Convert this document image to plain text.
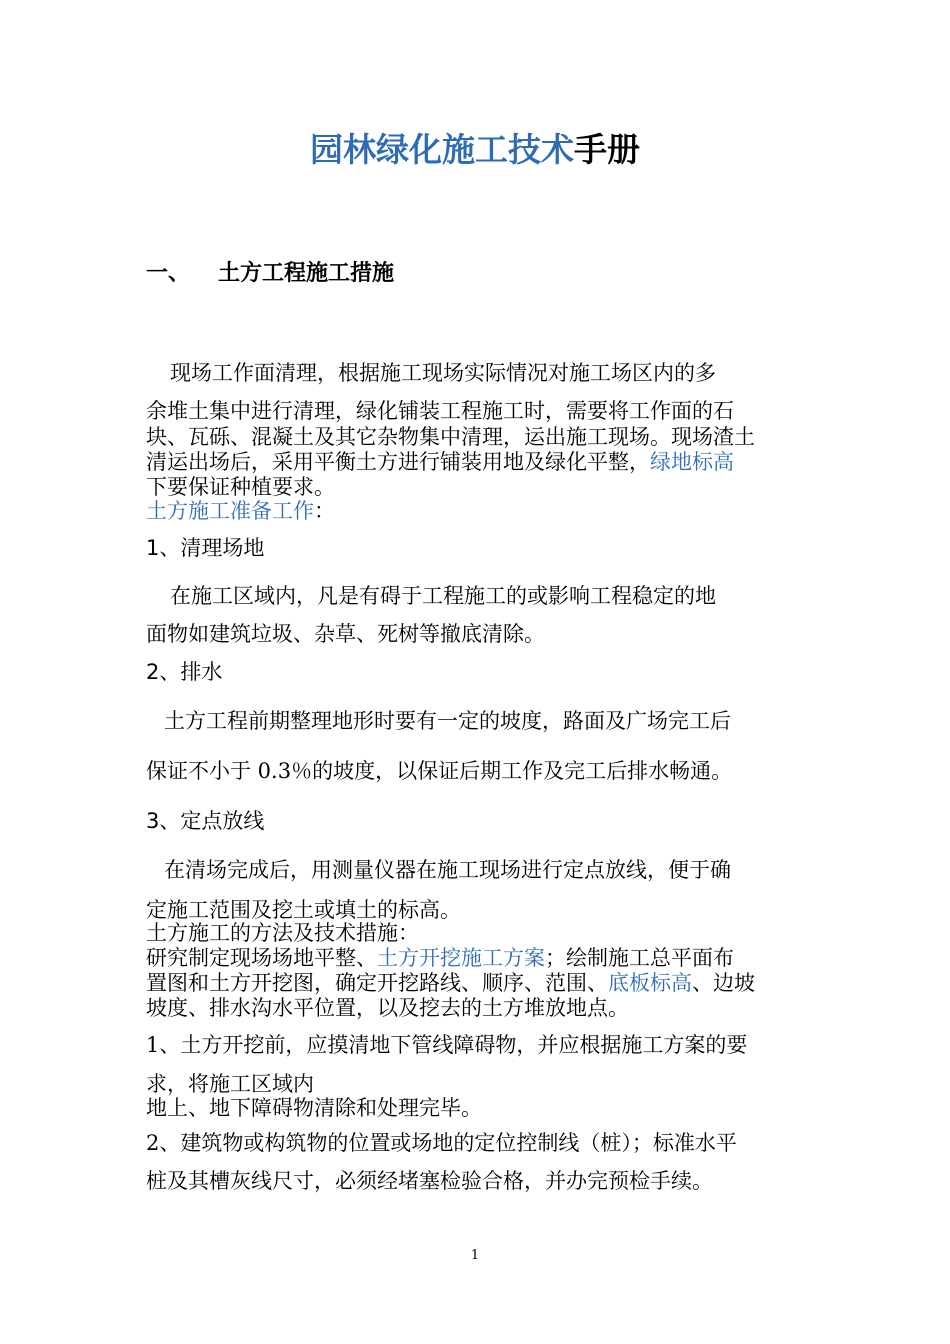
园林绿化施工技术手册
一、 土方工程施工措施
现场工作面清理，根据施工现场实际情况对施工场区内的多
余堆土集中进行清理，绿化铺装工程施工时，需要将工作面的石
块、瓦砾、混凝土及其它杂物集中清理，运出施工现场。现场渣土
清运出场后，采用平衡土方进行铺装用地及绿化平整，绿地标高
下要保证种植要求。
土方施工准备工作：
1、清理场地
在施工区域内，凡是有碍于工程施工的或影响工程稳定的地
面物如建筑垃圾、杂草、死树等撤底清除。
2、排水
土方工程前期整理地形时要有一定的坡度，路面及广场完工后
保证不小于 0.3％的坡度，以保证后期工作及完工后排水畅通。
3、定点放线
在清场完成后，用测量仪器在施工现场进行定点放线，便于确
定施工范围及挖土或填土的标高。
土方施工的方法及技术措施：
研究制定现场场地平整、土方开挖施工方案；绘制施工总平面布
置图和土方开挖图，确定开挖路线、顺序、范围、底板标高、边坡
坡度、排水沟水平位置，以及挖去的土方堆放地点。
1、土方开挖前，应摸清地下管线障碍物，并应根据施工方案的要
求，将施工区域内
地上、地下障碍物清除和处理完毕。
2、建筑物或构筑物的位置或场地的定位控制线（桩）；标准水平
桩及其槽灰线尺寸，必须经堵塞检验合格，并办完预检手续。
1
